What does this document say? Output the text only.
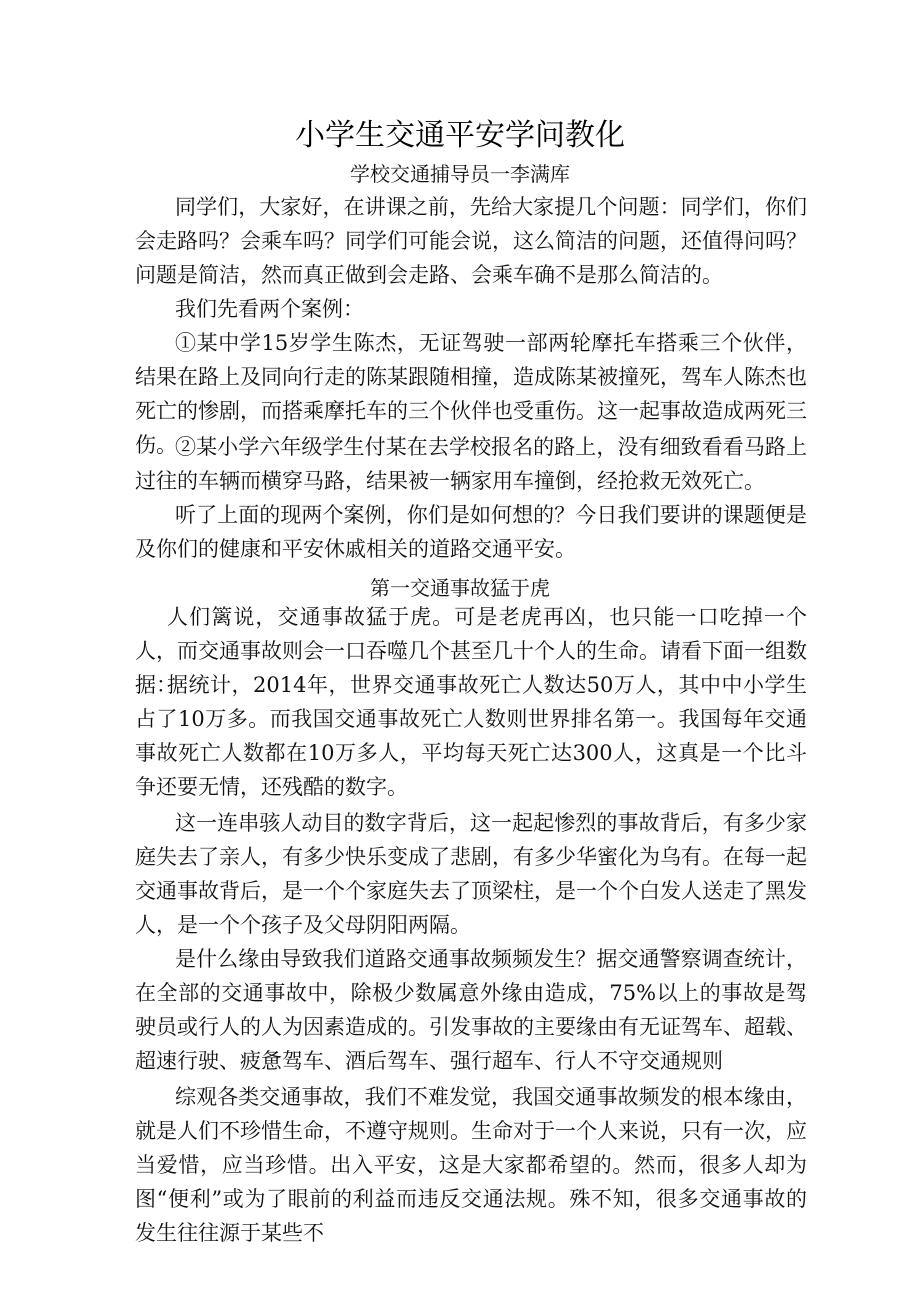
小学生交通平安学问教化
学校交通捕导员一李满库

同学们，大家好，在讲课之前，先给大家提几个问题：同学们，你们会走路吗？会乘车吗？同学们可能会说，这么简洁的问题，还值得问吗？问题是简洁，然而真正做到会走路、会乘车确不是那么简洁的。

我们先看两个案例：

①某中学15岁学生陈杰，无证驾驶一部两轮摩托车搭乘三个伙伴，结果在路上及同向行走的陈某跟随相撞，造成陈某被撞死，驾车人陈杰也死亡的惨剧，而搭乘摩托车的三个伙伴也受重伤。这一起事故造成两死三伤。

②某小学六年级学生付某在去学校报名的路上，没有细致看看马路上过往的车辆而横穿马路，结果被一辆家用车撞倒，经抢救无效死亡。

听了上面的现两个案例，你们是如何想的？今日我们要讲的课题便是及你们的健康和平安休戚相关的道路交通平安。

第一交通事故猛于虎

人们篱说，交通事故猛于虎。可是老虎再凶，也只能一口吃掉一个人，而交通事故则会一口吞噬几个甚至几十个人的生命。请看下面一组数据：

据统计，2014年，世界交通事故死亡人数达50万人，其中中小学生占了10万多。而我国交通事故死亡人数则世界排名第一。我国每年交通事故死亡人数都在10万多人，平均每天死亡达300人，这真是一个比斗争还要无情，还残酷的数字。

这一连串骇人动目的数字背后，这一起起惨烈的事故背后，有多少家庭失去了亲人，有多少快乐变成了悲剧，有多少华蜜化为乌有。在每一起交通事故背后，是一个个家庭失去了顶梁柱，是一个个白发人送走了黑发人，是一个个孩子及父母阴阳两隔。

是什么缘由导致我们道路交通事故频频发生？据交通警察调查统计，在全部的交通事故中，除极少数属意外缘由造成，75%以上的事故是驾驶员或行人的人为因素造成的。引发事故的主要缘由有无证驾车、超载、超速行驶、疲惫驾车、酒后驾车、强行超车、行人不守交通规则

综观各类交通事故，我们不难发觉，我国交通事故频发的根本缘由，就是人们不珍惜生命，不遵守规则。生命对于一个人来说，只有一次，应当爱惜，应当珍惜。出入平安，这是大家都希望的。然而，很多人却为图“便利”或为了眼前的利益而违反交通法规。殊不知，很多交通事故的发生往往源于某些不
